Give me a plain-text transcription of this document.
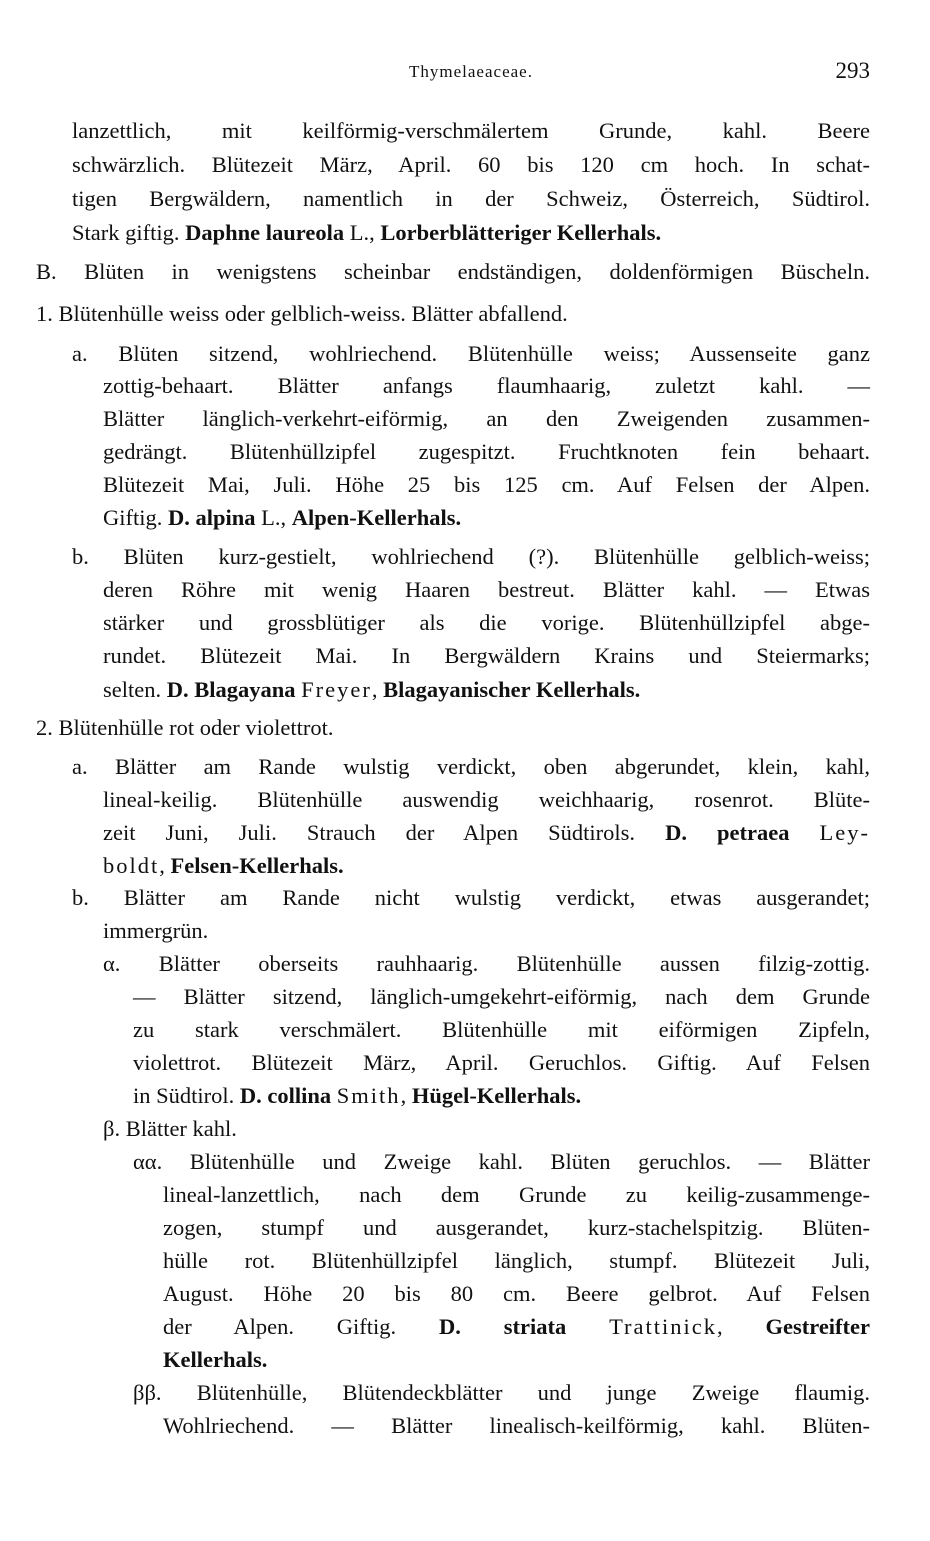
Thymelaeaceae.	293
lanzettlich, mit keilförmig-verschmälertem Grunde, kahl. Beere
schwärzlich. Blütezeit März, April. 60 bis 120 cm hoch. In schat-
tigen Bergwäldern, namentlich in der Schweiz, Österreich, Südtirol.
Stark giftig. Daphne laureola L., Lorberblätteriger Kellerhals.
B. Blüten in wenigstens scheinbar endständigen, doldenförmigen Büscheln.
1. Blütenhülle weiss oder gelblich-weiss. Blätter abfallend.
a. Blüten sitzend, wohlriechend. Blütenhülle weiss; Aussenseite ganz
zottig-behaart. Blätter anfangs flaumhaarig, zuletzt kahl. —
Blätter länglich-verkehrt-eiförmig, an den Zweigenden zusammen-
gedrängt. Blütenhüllzipfel zugespitzt. Fruchtknoten fein behaart.
Blütezeit Mai, Juli. Höhe 25 bis 125 cm. Auf Felsen der Alpen.
Giftig. D. alpina L., Alpen-Kellerhals.
b. Blüten kurz-gestielt, wohlriechend (?). Blütenhülle gelblich-weiss;
deren Röhre mit wenig Haaren bestreut. Blätter kahl. — Etwas
stärker und grossblütiger als die vorige. Blütenhüllzipfel abge-
rundet. Blütezeit Mai. In Bergwäldern Krains und Steiermarks;
selten. D. Blagayana Freyer, Blagayanischer Kellerhals.
2. Blütenhülle rot oder violettrot.
a. Blätter am Rande wulstig verdickt, oben abgerundet, klein, kahl,
lineal-keilig. Blütenhülle auswendig weichhaarig, rosenrot. Blüte-
zeit Juni, Juli. Strauch der Alpen Südtirols. D. petraea Ley-
boldt, Felsen-Kellerhals.
b. Blätter am Rande nicht wulstig verdickt, etwas ausgerandet;
immergrün.
α. Blätter oberseits rauhhaarig. Blütenhülle aussen filzig-zottig.
— Blätter sitzend, länglich-umgekehrt-eiförmig, nach dem Grunde
zu stark verschmälert. Blütenhülle mit eiförmigen Zipfeln,
violettrot. Blütezeit März, April. Geruchlos. Giftig. Auf Felsen
in Südtirol. D. collina Smith, Hügel-Kellerhals.
β. Blätter kahl.
αα. Blütenhülle und Zweige kahl. Blüten geruchlos. — Blätter
lineal-lanzettlich, nach dem Grunde zu keilig-zusammenge-
zogen, stumpf und ausgerandet, kurz-stachelspitzig. Blüten-
hülle rot. Blütenhüllzipfel länglich, stumpf. Blütezeit Juli,
August. Höhe 20 bis 80 cm. Beere gelbrot. Auf Felsen
der Alpen. Giftig. D. striata Trattinick, Gestreifter
Kellerhals.
ββ. Blütenhülle, Blütendeckblätter und junge Zweige flaumig.
Wohlriechend. — Blätter linealisch-keilförmig, kahl. Blüten-
